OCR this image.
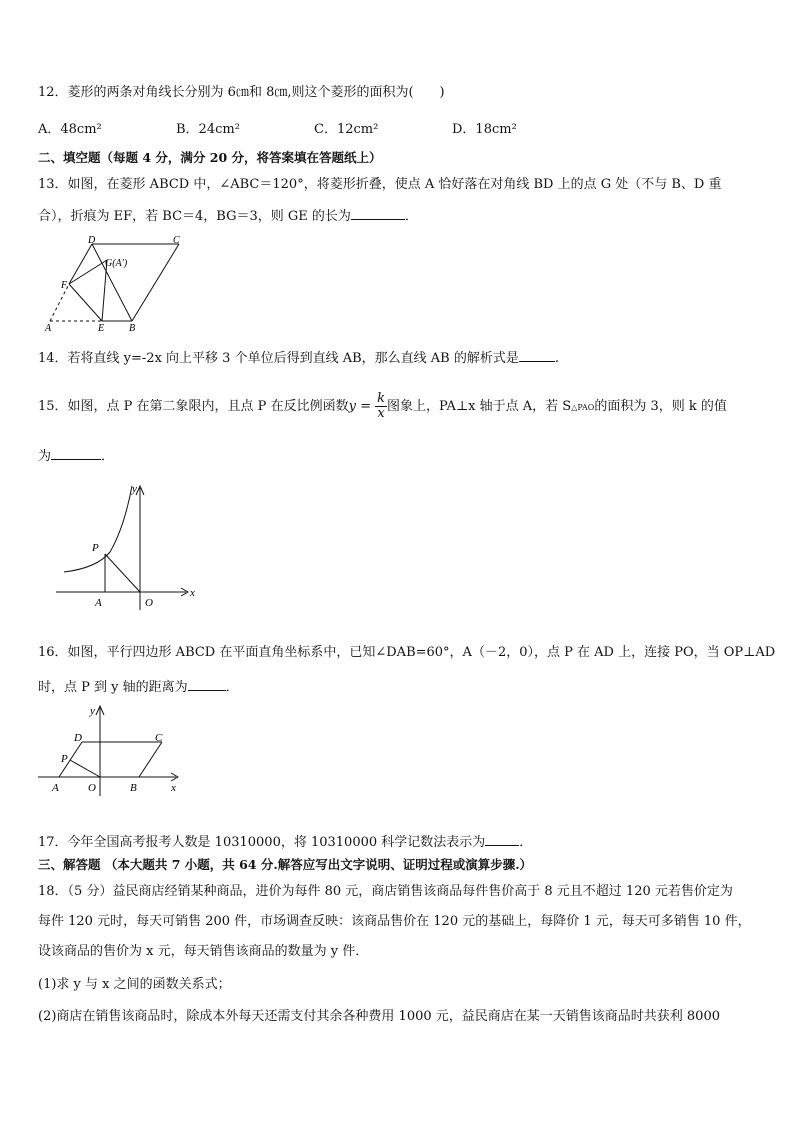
12．菱形的两条对角线长分别为 6㎝和 8㎝,则这个菱形的面积为(　　)
A．48cm²	B．24cm²	C．12cm²	D．18cm²
二、填空题（每题 4 分，满分 20 分，将答案填在答题纸上）
13．如图，在菱形 ABCD 中，∠ABC＝120°，将菱形折叠，使点 A 恰好落在对角线 BD 上的点 G 处（不与 B、D 重
合），折痕为 EF，若 BC＝4，BG＝3，则 GE 的长为	．
D	C
G(A′)
F
A	E B
14．若将直线 y=-2x 向上平移 3 个单位后得到直线 AB，那么直线 AB 的解析式是	.
15．如图，点 P 在第二象限内，且点 P 在反比例函数$y = \frac{k}{x}$ 图象上，PA⊥x 轴于点 A，若 S△PAO的面积为 3，则 k 的值
为	．
y
P
A	O
x
16．如图，平行四边形 ABCD 在平面直角坐标系中，已知∠DAB=60°，A（－2，0），点 P 在 AD 上，连接 PO，当 OP⊥AD
时，点 P 到 y 轴的距离为	．
y
D	C
P
A	O	B	x
17．今年全国高考报考人数是 10310000，将 10310000 科学记数法表示为	．
三、解答题 （本大题共 7 小题，共 64 分.解答应写出文字说明、证明过程或演算步骤.）
18．（5 分）益民商店经销某种商品，进价为每件 80 元，商店销售该商品每件售价高于 8 元且不超过 120 元若售价定为
每件 120 元时，每天可销售 200 件，市场调查反映：该商品售价在 120 元的基础上，每降价 1 元，每天可多销售 10 件，
设该商品的售价为 x 元，每天销售该商品的数量为 y 件．
(1)求 y 与 x 之间的函数关系式；
(2)商店在销售该商品时，除成本外每天还需支付其余各种费用 1000 元，益民商店在某一天销售该商品时共获利 8000
